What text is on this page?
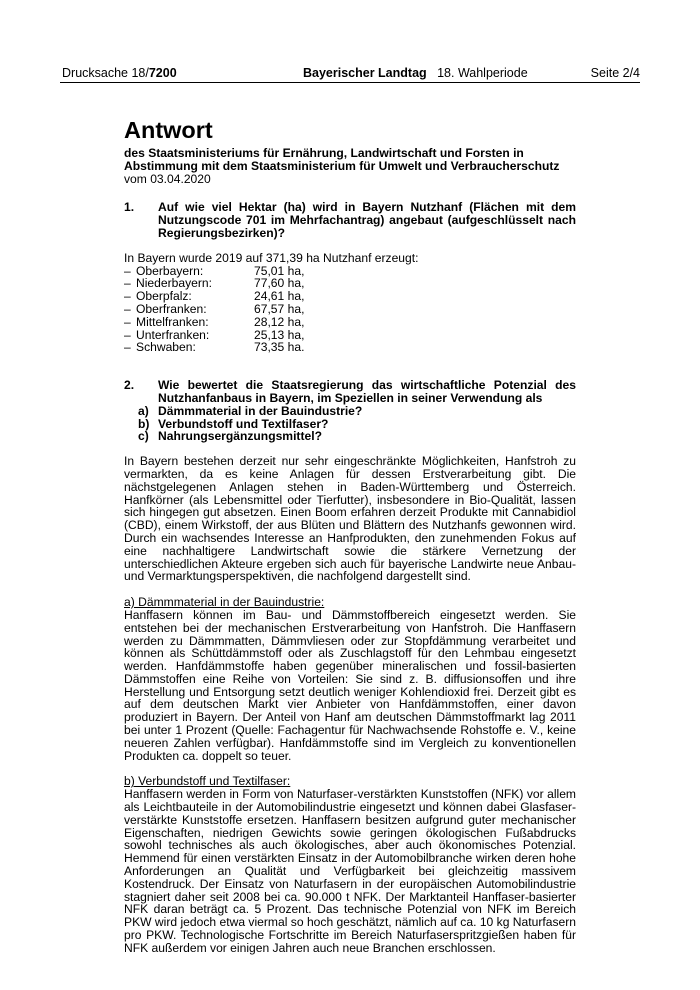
Drucksache 18/7200	Bayerischer Landtag 18. Wahlperiode	Seite 2/4
Antwort
des Staatsministeriums für Ernährung, Landwirtschaft und Forsten in Abstimmung mit dem Staatsministerium für Umwelt und Verbraucherschutz
vom 03.04.2020
1. Auf wie viel Hektar (ha) wird in Bayern Nutzhanf (Flächen mit dem Nutzungscode 701 im Mehrfachantrag) angebaut (aufgeschlüsselt nach Regierungsbezirken)?
In Bayern wurde 2019 auf 371,39 ha Nutzhanf erzeugt:
– Oberbayern:	75,01 ha,
– Niederbayern:	77,60 ha,
– Oberpfalz:	24,61 ha,
– Oberfranken:	67,57 ha,
– Mittelfranken:	28,12 ha,
– Unterfranken:	25,13 ha,
– Schwaben:	73,35 ha.
2. Wie bewertet die Staatsregierung das wirtschaftliche Potenzial des Nutzhanfanbaus in Bayern, im Speziellen in seiner Verwendung als
a) Dämmmaterial in der Bauindustrie?
b) Verbundstoff und Textilfaser?
c) Nahrungsergänzungsmittel?
In Bayern bestehen derzeit nur sehr eingeschränkte Möglichkeiten, Hanfstroh zu vermarkten, da es keine Anlagen für dessen Erstverarbeitung gibt. Die nächstgelegenen Anlagen stehen in Baden-Württemberg und Österreich. Hanfkörner (als Lebensmittel oder Tierfutter), insbesondere in Bio-Qualität, lassen sich hingegen gut absetzen. Einen Boom erfahren derzeit Produkte mit Cannabidiol (CBD), einem Wirkstoff, der aus Blüten und Blättern des Nutzhanfs gewonnen wird. Durch ein wachsendes Interesse an Hanfprodukten, den zunehmenden Fokus auf eine nachhaltigere Landwirtschaft sowie die stärkere Vernetzung der unterschiedlichen Akteure ergeben sich auch für bayerische Landwirte neue Anbau- und Vermarktungsperspektiven, die nachfolgend dargestellt sind.
a) Dämmmaterial in der Bauindustrie:
Hanffasern können im Bau- und Dämmstoffbereich eingesetzt werden. Sie entstehen bei der mechanischen Erstverarbeitung von Hanfstroh. Die Hanffasern werden zu Dämmmatten, Dämmvliesen oder zur Stopfdämmung verarbeitet und können als Schüttdämmstoff oder als Zuschlagstoff für den Lehmbau eingesetzt werden. Hanfdämmstoffe haben gegenüber mineralischen und fossil-basierten Dämmstoffen eine Reihe von Vorteilen: Sie sind z. B. diffusionsoffen und ihre Herstellung und Entsorgung setzt deutlich weniger Kohlendioxid frei. Derzeit gibt es auf dem deutschen Markt vier Anbieter von Hanfdämmstoffen, einer davon produziert in Bayern. Der Anteil von Hanf am deutschen Dämmstoffmarkt lag 2011 bei unter 1 Prozent (Quelle: Fachagentur für Nachwachsende Rohstoffe e. V., keine neueren Zahlen verfügbar). Hanfdämmstoffe sind im Vergleich zu konventionellen Produkten ca. doppelt so teuer.
b) Verbundstoff und Textilfaser:
Hanffasern werden in Form von Naturfaser-verstärkten Kunststoffen (NFK) vor allem als Leichtbauteile in der Automobilindustrie eingesetzt und können dabei Glasfaser-verstärkte Kunststoffe ersetzen. Hanffasern besitzen aufgrund guter mechanischer Eigenschaften, niedrigen Gewichts sowie geringen ökologischen Fußabdrucks sowohl technisches als auch ökologisches, aber auch ökonomisches Potenzial. Hemmend für einen verstärkten Einsatz in der Automobilbranche wirken deren hohe Anforderungen an Qualität und Verfügbarkeit bei gleichzeitig massivem Kostendruck. Der Einsatz von Naturfasern in der europäischen Automobilindustrie stagniert daher seit 2008 bei ca. 90.000 t NFK. Der Marktanteil Hanffaser-basierter NFK daran beträgt ca. 5 Prozent. Das technische Potenzial von NFK im Bereich PKW wird jedoch etwa viermal so hoch geschätzt, nämlich auf ca. 10 kg Naturfasern pro PKW. Technologische Fortschritte im Bereich Naturfaserspritzgießen haben für NFK außerdem vor einigen Jahren auch neue Branchen erschlossen.
